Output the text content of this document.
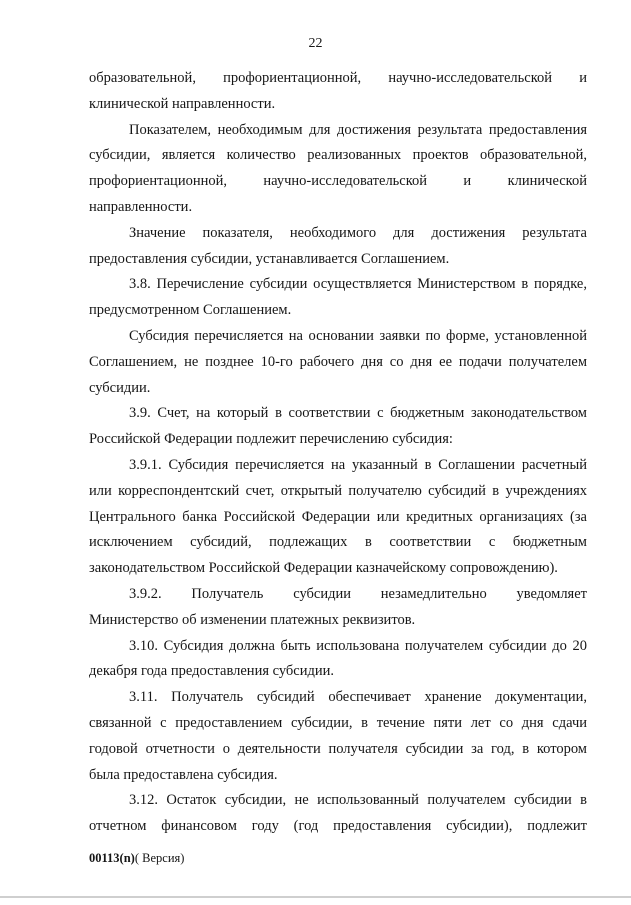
22
образовательной, профориентационной, научно-исследовательской и
клинической направленности.
Показателем, необходимым для достижения результата предоставления
субсидии, является количество реализованных проектов образовательной,
профориентационной, научно-исследовательской и клинической
направленности.
Значение показателя, необходимого для достижения результата
предоставления субсидии, устанавливается Соглашением.
3.8. Перечисление субсидии осуществляется Министерством в порядке,
предусмотренном Соглашением.
Субсидия перечисляется на основании заявки по форме, установленной
Соглашением, не позднее 10-го рабочего дня со дня ее подачи получателем
субсидии.
3.9. Счет, на который в соответствии с бюджетным законодательством
Российской Федерации подлежит перечислению субсидия:
3.9.1. Субсидия перечисляется на указанный в Соглашении расчетный
или корреспондентский счет, открытый получателю субсидий в учреждениях
Центрального банка Российской Федерации или кредитных организациях (за
исключением субсидий, подлежащих в соответствии с бюджетным
законодательством Российской Федерации казначейскому сопровождению).
3.9.2. Получатель субсидии незамедлительно уведомляет
Министерство об изменении платежных реквизитов.
3.10. Субсидия должна быть использована получателем субсидии до 20
декабря года предоставления субсидии.
3.11. Получатель субсидий обеспечивает хранение документации,
связанной с предоставлением субсидии, в течение пяти лет со дня сдачи
годовой отчетности о деятельности получателя субсидии за год, в котором
была предоставлена субсидия.
3.12. Остаток субсидии, не использованный получателем субсидии в
отчетном финансовом году (год предоставления субсидии), подлежит
00113(n)( Версия)
